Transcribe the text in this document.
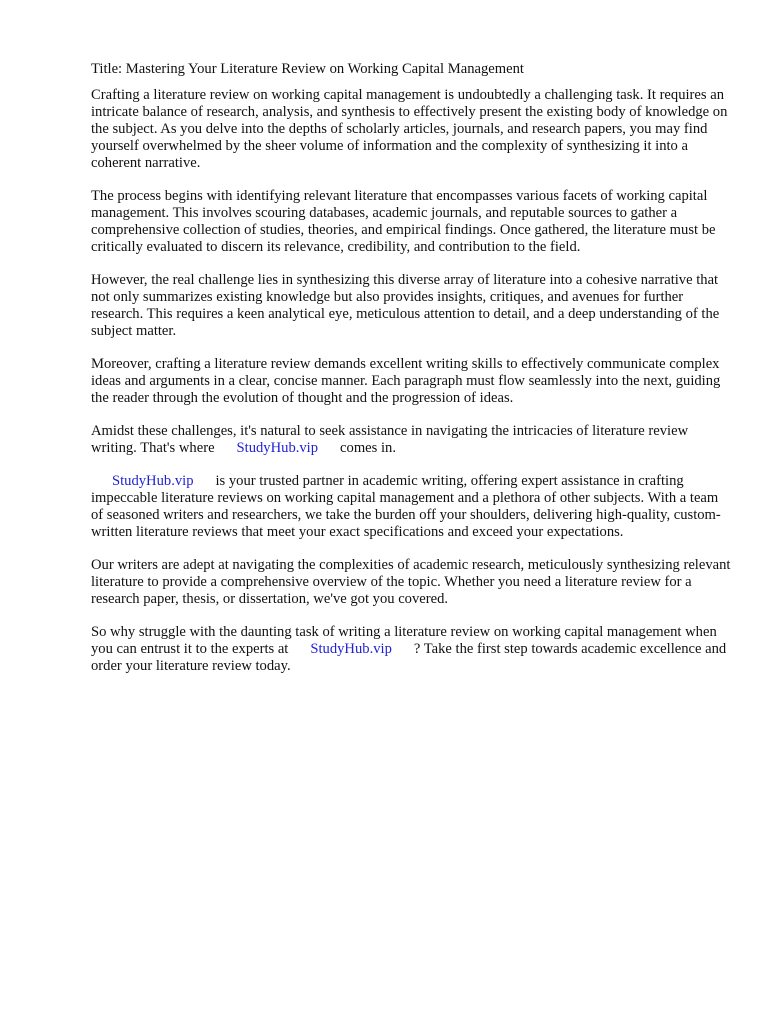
Title: Mastering Your Literature Review on Working Capital Management

Crafting a literature review on working capital management is undoubtedly a challenging task. It requires an intricate balance of research, analysis, and synthesis to effectively present the existing body of knowledge on the subject. As you delve into the depths of scholarly articles, journals, and research papers, you may find yourself overwhelmed by the sheer volume of information and the complexity of synthesizing it into a coherent narrative.

The process begins with identifying relevant literature that encompasses various facets of working capital management. This involves scouring databases, academic journals, and reputable sources to gather a comprehensive collection of studies, theories, and empirical findings. Once gathered, the literature must be critically evaluated to discern its relevance, credibility, and contribution to the field.

However, the real challenge lies in synthesizing this diverse array of literature into a cohesive narrative that not only summarizes existing knowledge but also provides insights, critiques, and avenues for further research. This requires a keen analytical eye, meticulous attention to detail, and a deep understanding of the subject matter.

Moreover, crafting a literature review demands excellent writing skills to effectively communicate complex ideas and arguments in a clear, concise manner. Each paragraph must flow seamlessly into the next, guiding the reader through the evolution of thought and the progression of ideas.

Amidst these challenges, it's natural to seek assistance in navigating the intricacies of literature review writing. That's where StudyHub.vip comes in.

StudyHub.vip is your trusted partner in academic writing, offering expert assistance in crafting impeccable literature reviews on working capital management and a plethora of other subjects. With a team of seasoned writers and researchers, we take the burden off your shoulders, delivering high-quality, custom-written literature reviews that meet your exact specifications and exceed your expectations.

Our writers are adept at navigating the complexities of academic research, meticulously synthesizing relevant literature to provide a comprehensive overview of the topic. Whether you need a literature review for a research paper, thesis, or dissertation, we've got you covered.

So why struggle with the daunting task of writing a literature review on working capital management when you can entrust it to the experts at StudyHub.vip ? Take the first step towards academic excellence and order your literature review today.
